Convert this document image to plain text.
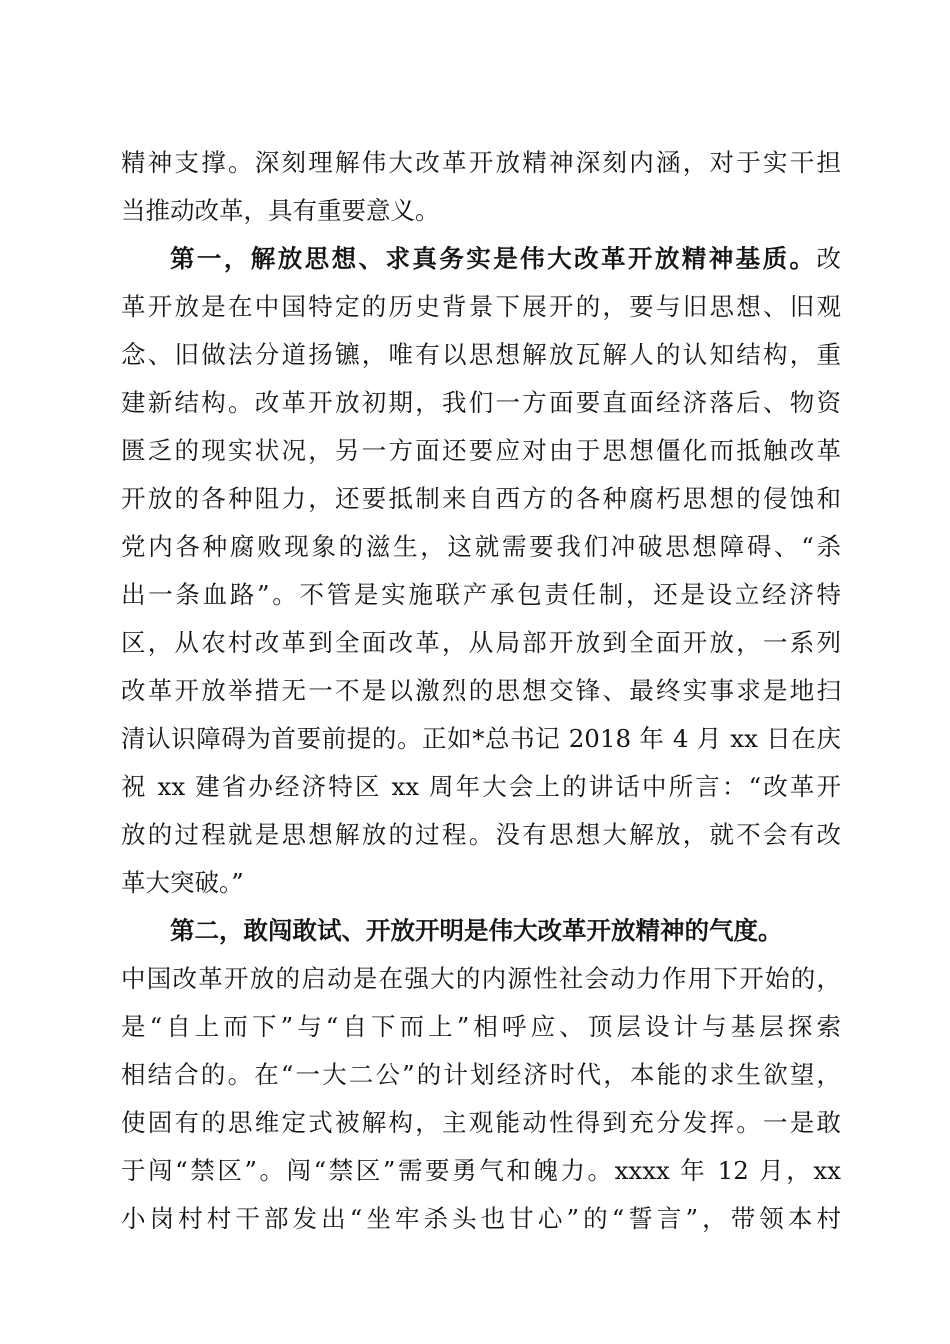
精神支撑。深刻理解伟大改革开放精神深刻内涵，对于实干担
当推动改革，具有重要意义。
第一，解放思想、求真务实是伟大改革开放精神基质。改
革开放是在中国特定的历史背景下展开的，要与旧思想、旧观
念、旧做法分道扬镳，唯有以思想解放瓦解人的认知结构，重
建新结构。改革开放初期，我们一方面要直面经济落后、物资
匮乏的现实状况，另一方面还要应对由于思想僵化而抵触改革
开放的各种阻力，还要抵制来自西方的各种腐朽思想的侵蚀和
党内各种腐败现象的滋生，这就需要我们冲破思想障碍、“杀
出一条血路”。不管是实施联产承包责任制，还是设立经济特
区，从农村改革到全面改革，从局部开放到全面开放，一系列
改革开放举措无一不是以激烈的思想交锋、最终实事求是地扫
清认识障碍为首要前提的。正如*总书记 2018 年 4 月 xx 日在庆
祝 xx 建省办经济特区 xx 周年大会上的讲话中所言：“改革开
放的过程就是思想解放的过程。没有思想大解放，就不会有改
革大突破。”
第二，敢闯敢试、开放开明是伟大改革开放精神的气度。
中国改革开放的启动是在强大的内源性社会动力作用下开始的，
是“自上而下”与“自下而上”相呼应、顶层设计与基层探索
相结合的。在“一大二公”的计划经济时代，本能的求生欲望，
使固有的思维定式被解构，主观能动性得到充分发挥。一是敢
于闯“禁区”。闯“禁区”需要勇气和魄力。xxxx 年 12 月，xx
小岗村村干部发出“坐牢杀头也甘心”的“誓言”，带领本村
